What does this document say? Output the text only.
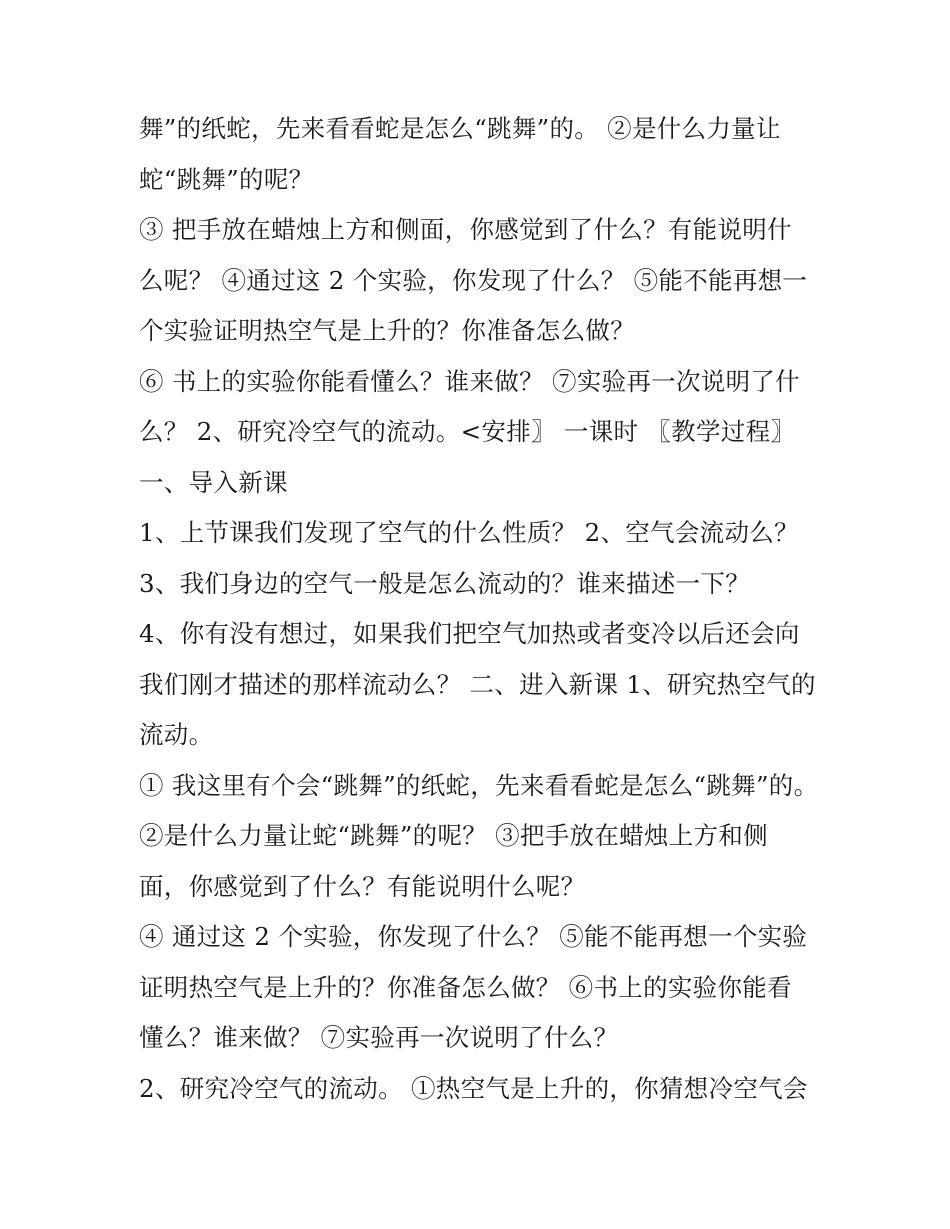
舞”的纸蛇，先来看看蛇是怎么“跳舞”的。 ②是什么力量让
蛇“跳舞”的呢？
③ 把手放在蜡烛上方和侧面，你感觉到了什么？有能说明什
么呢？ ④通过这 2 个实验，你发现了什么？ ⑤能不能再想一
个实验证明热空气是上升的？你准备怎么做？
⑥ 书上的实验你能看懂么？谁来做？ ⑦实验再一次说明了什
么？ 2、研究冷空气的流动。<安排〗 一课时 〖教学过程〗
一、导入新课
1、上节课我们发现了空气的什么性质？ 2、空气会流动么？
3、我们身边的空气一般是怎么流动的？谁来描述一下？
4、你有没有想过，如果我们把空气加热或者变冷以后还会向
我们刚才描述的那样流动么？ 二、进入新课 1、研究热空气的
流动。
① 我这里有个会“跳舞”的纸蛇，先来看看蛇是怎么“跳舞”的。
②是什么力量让蛇“跳舞”的呢？ ③把手放在蜡烛上方和侧
面，你感觉到了什么？有能说明什么呢？
④ 通过这 2 个实验，你发现了什么？ ⑤能不能再想一个实验
证明热空气是上升的？你准备怎么做？ ⑥书上的实验你能看
懂么？谁来做？ ⑦实验再一次说明了什么？
2、研究冷空气的流动。 ①热空气是上升的，你猜想冷空气会
